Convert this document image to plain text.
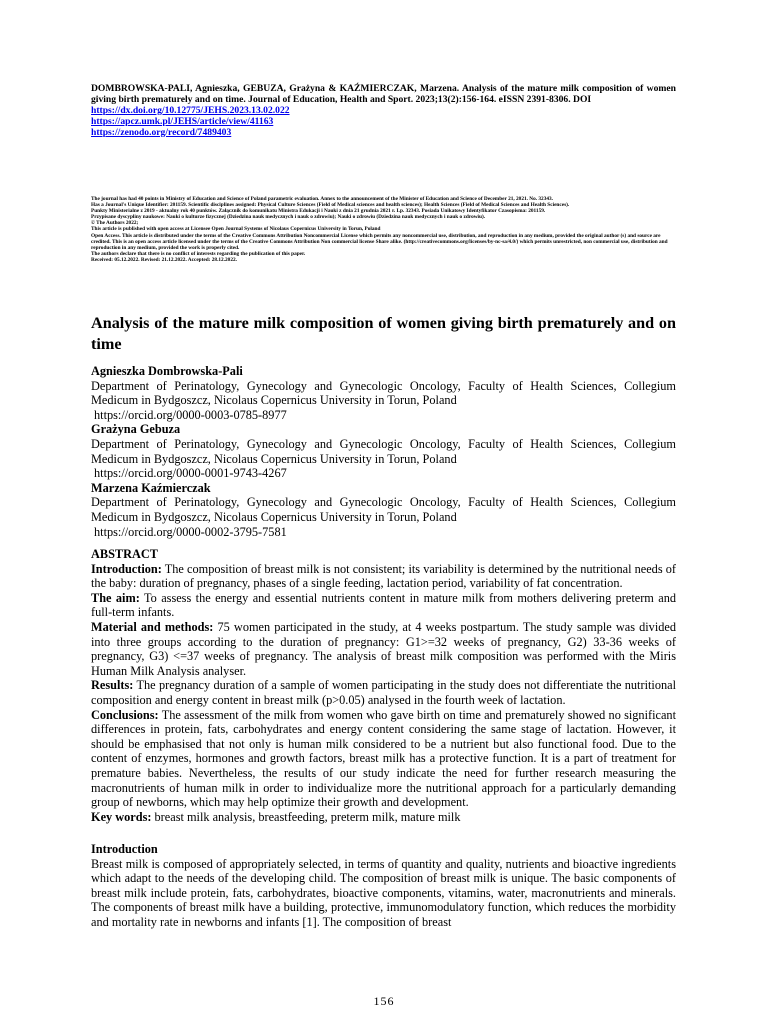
DOMBROWSKA-PALI, Agnieszka, GEBUZA, Grażyna & KAŹMIERCZAK, Marzena. Analysis of the mature milk composition of women giving birth prematurely and on time. Journal of Education, Health and Sport. 2023;13(2):156-164. eISSN 2391-8306. DOI
https://dx.doi.org/10.12775/JEHS.2023.13.02.022
https://apcz.umk.pl/JEHS/article/view/41163
https://zenodo.org/record/7489403
The journal has had 40 points in Ministry of Education and Science of Poland parametric evaluation. Annex to the announcement of the Minister of Education and Science of December 21, 2021. No. 32343.
Has a Journal's Unique Identifier: 201159. Scientific disciplines assigned: Physical Culture Sciences (Field of Medical sciences and health sciences); Health Sciences (Field of Medical Sciences and Health Sciences).
Punkty Ministerialne z 2019 - aktualny rok 40 punktów. Załącznik do komunikatu Ministra Edukacji i Nauki z dnia 21 grudnia 2021 r. Lp. 32343. Posiada Unikatowy Identyfikator Czasopisma: 201159.
Przypisane dyscypliny naukowe: Nauki o kulturze fizycznej (Dziedzina nauk medycznych i nauk o zdrowiu); Nauki o zdrowiu (Dziedzina nauk medycznych i nauk o zdrowiu).
© The Authors 2022;
This article is published with open access at Licensee Open Journal Systems of Nicolaus Copernicus University in Torun, Poland
Open Access. This article is distributed under the terms of the Creative Commons Attribution Noncommercial License which permits any noncommercial use, distribution, and reproduction in any medium, provided the original author (s) and source are credited. This is an open access article licensed under the terms of the Creative Commons Attribution Non commercial license Share alike. (http://creativecommons.org/licenses/by-nc-sa/4.0/) which permits unrestricted, non commercial use, distribution and reproduction in any medium, provided the work is properly cited.
The authors declare that there is no conflict of interests regarding the publication of this paper.
Received: 05.12.2022. Revised: 21.12.2022. Accepted: 28.12.2022.
Analysis of the mature milk composition of women giving birth prematurely and on time
Agnieszka Dombrowska-Pali
Department of Perinatology, Gynecology and Gynecologic Oncology, Faculty of Health Sciences, Collegium Medicum in Bydgoszcz, Nicolaus Copernicus University in Torun, Poland
https://orcid.org/0000-0003-0785-8977
Grażyna Gebuza
Department of Perinatology, Gynecology and Gynecologic Oncology, Faculty of Health Sciences, Collegium Medicum in Bydgoszcz, Nicolaus Copernicus University in Torun, Poland
https://orcid.org/0000-0001-9743-4267
Marzena Kaźmierczak
Department of Perinatology, Gynecology and Gynecologic Oncology, Faculty of Health Sciences, Collegium Medicum in Bydgoszcz, Nicolaus Copernicus University in Torun, Poland
https://orcid.org/0000-0002-3795-7581
ABSTRACT

Introduction: The composition of breast milk is not consistent; its variability is determined by the nutritional needs of the baby: duration of pregnancy, phases of a single feeding, lactation period, variability of fat concentration.

The aim: To assess the energy and essential nutrients content in mature milk from mothers delivering preterm and full-term infants.

Material and methods: 75 women participated in the study, at 4 weeks postpartum. The study sample was divided into three groups according to the duration of pregnancy: G1>=32 weeks of pregnancy, G2) 33-36 weeks of pregnancy, G3) <=37 weeks of pregnancy. The analysis of breast milk composition was performed with the Miris Human Milk Analysis analyser.

Results: The pregnancy duration of a sample of women participating in the study does not differentiate the nutritional composition and energy content in breast milk (p>0.05) analysed in the fourth week of lactation.

Conclusions: The assessment of the milk from women who gave birth on time and prematurely showed no significant differences in protein, fats, carbohydrates and energy content considering the same stage of lactation. However, it should be emphasised that not only is human milk considered to be a nutrient but also functional food. Due to the content of enzymes, hormones and growth factors, breast milk has a protective function. It is a part of treatment for premature babies. Nevertheless, the results of our study indicate the need for further research measuring the macronutrients of human milk in order to individualize more the nutritional approach for a particularly demanding group of newborns, which may help optimize their growth and development.

Key words: breast milk analysis, breastfeeding, preterm milk, mature milk

Introduction

Breast milk is composed of appropriately selected, in terms of quantity and quality, nutrients and bioactive ingredients which adapt to the needs of the developing child. The composition of breast milk is unique. The basic components of breast milk include protein, fats, carbohydrates, bioactive components, vitamins, water, macronutrients and minerals. The components of breast milk have a building, protective, immunomodulatory function, which reduces the morbidity and mortality rate in newborns and infants [1]. The composition of breast

156
